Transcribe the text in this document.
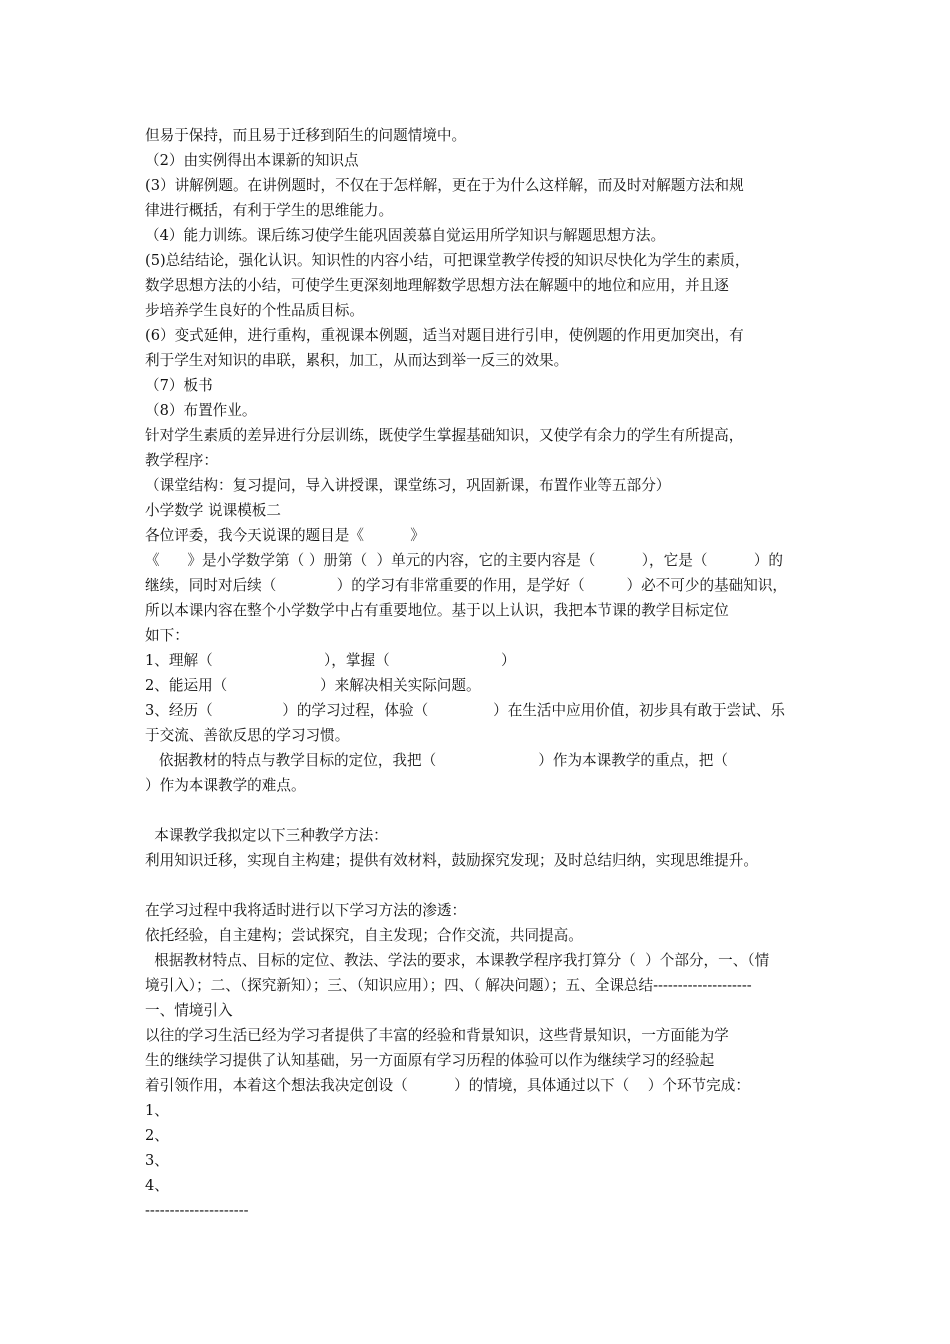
但易于保持，而且易于迁移到陌生的问题情境中。
（2）由实例得出本课新的知识点
(3）讲解例题。在讲例题时，不仅在于怎样解，更在于为什么这样解，而及时对解题方法和规
律进行概括，有利于学生的思维能力。
（4）能力训练。课后练习使学生能巩固羡慕自觉运用所学知识与解题思想方法。
(5)总结结论，强化认识。知识性的内容小结，可把课堂教学传授的知识尽快化为学生的素质，
数学思想方法的小结，可使学生更深刻地理解数学思想方法在解题中的地位和应用，并且逐
步培养学生良好的个性品质目标。
(6）变式延伸，进行重构，重视课本例题，适当对题目进行引申，使例题的作用更加突出，有
利于学生对知识的串联，累积，加工，从而达到举一反三的效果。
（7）板书
（8）布置作业。
针对学生素质的差异进行分层训练，既使学生掌握基础知识，又使学有余力的学生有所提高，
教学程序：
（课堂结构：复习提问，导入讲授课，课堂练习，巩固新课，布置作业等五部分）
小学数学 说课模板二
各位评委，我今天说课的题目是《          》
《      》是小学数学第（ ）册第（  ）单元的内容，它的主要内容是（          ），它是（          ）的
继续，同时对后续（             ）的学习有非常重要的作用，是学好（         ）必不可少的基础知识，
所以本课内容在整个小学数学中占有重要地位。基于以上认识，我把本节课的教学目标定位
如下：
1、理解（                        ），掌握（                        ）
2、能运用（                    ）来解决相关实际问题。
3、经历（               ）的学习过程，体验（              ）在生活中应用价值，初步具有敢于尝试、乐
于交流、善欲反思的学习习惯。
依据教材的特点与教学目标的定位，我把（                      ）作为本课教学的重点，把（
）作为本课教学的难点。
本课教学我拟定以下三种教学方法：
利用知识迁移，实现自主构建；提供有效材料，鼓励探究发现；及时总结归纳，实现思维提升。
在学习过程中我将适时进行以下学习方法的渗透：
依托经验，自主建构；尝试探究，自主发现；合作交流，共同提高。
根据教材特点、目标的定位、教法、学法的要求，本课教学程序我打算分（  ）个部分，一、（情
境引入）；二、（探究新知）；三、（知识应用）；四、（ 解决问题）；五、全课总结--------------------
一、情境引入
以往的学习生活已经为学习者提供了丰富的经验和背景知识，这些背景知识，一方面能为学
生的继续学习提供了认知基础，另一方面原有学习历程的体验可以作为继续学习的经验起
着引领作用，本着这个想法我决定创设（          ）的情境，具体通过以下（    ）个环节完成：
1、
2、
3、
4、
---------------------
